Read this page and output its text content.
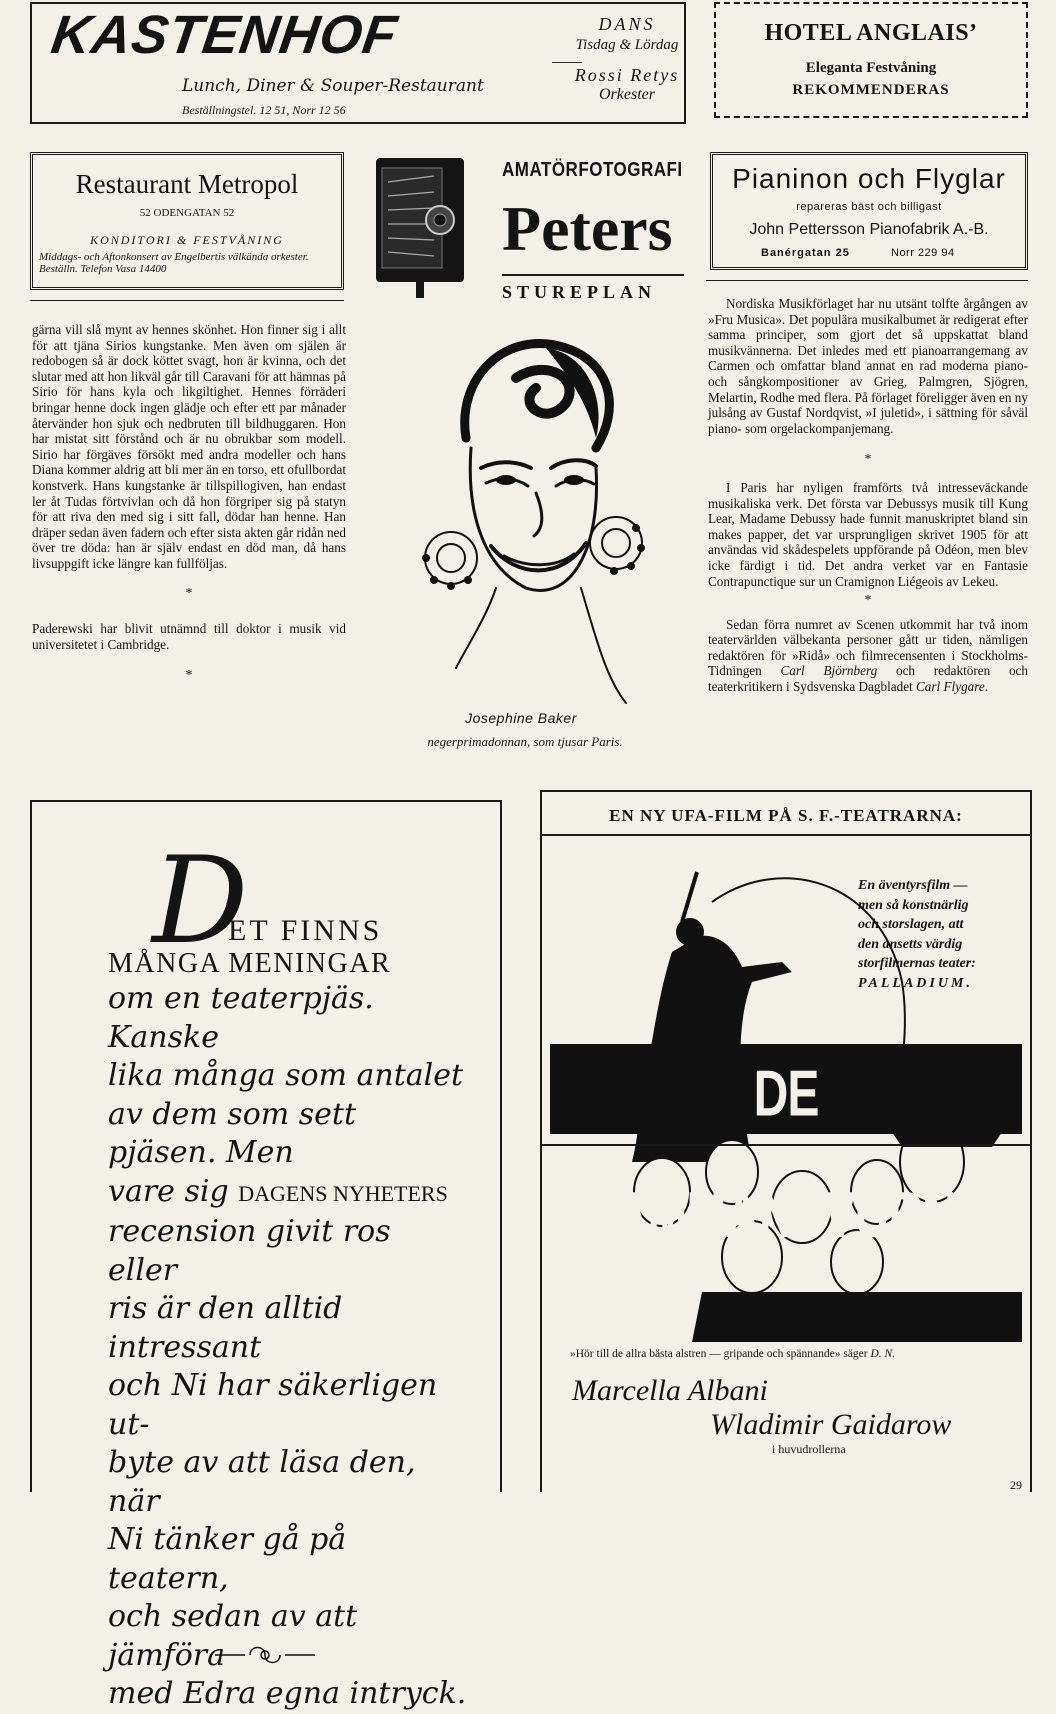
KASTENHOF
Lunch, Diner & Souper-Restaurant
Beställningstel. 12 51, Norr 12 56
DANS
Tisdag & Lördag
Rossi Retys
Orkester
HOTEL ANGLAIS’
Eleganta Festvåning
REKOMMENDERAS
Restaurant Metropol
52 ODENGATAN 52
KONDITORI & FESTVÅNING
Middags- och Aftonkonsert av Engelbertis välkända orkester. Beställn. Telefon Vasa 14400
AMATÖRFOTOGRAFI
Peters
STUREPLAN
Pianinon och Flyglar
repareras bäst och billigast
John Pettersson Pianofabrik A.-B.
Banérgatan 25	Norr 229 94

gärna vill slå mynt av hennes skönhet. Hon finner sig i allt för att tjäna Sirios kungstanke. Men även om själen är redobogen så är dock köttet svagt, hon är kvinna, och det slutar med att hon likväl går till Caravani för att hämnas på Sirio för hans kyla och likgiltighet. Hennes förräderi bringar henne dock ingen glädje och efter ett par månader återvänder hon sjuk och nedbruten till bildhuggaren. Hon har mistat sitt förstånd och är nu obrukbar som modell. Sirio har förgäves försökt med andra modeller och hans Diana kommer aldrig att bli mer än en torso, ett ofullbordat konstverk. Hans kungstanke är tillspillogiven, han endast ler åt Tudas förtvivlan och då hon förgriper sig på statyn för att riva den med sig i sitt fall, dödar han henne. Han dräper sedan även fadern och efter sista akten går ridån ned över tre döda: han är själv endast en död man, då hans livsuppgift icke längre kan fullföljas.

*

Paderewski har blivit utnämnd till doktor i musik vid universitetet i Cambridge.

*
Josephine Baker
negerprimadonnan, som tjusar Paris.

Nordiska Musikförlaget har nu utsänt tolfte årgången av »Fru Musica». Det populära musikalbumet är redigerat efter samma principer, som gjort det så uppskattat bland musikvännerna. Det inledes med ett pianoarrangemang av Carmen och omfattar bland annat en rad moderna piano- och sångkompositioner av Grieg, Palmgren, Sjögren, Melartin, Rodhe med flera. På förlaget föreligger även en ny julsång av Gustaf Nordqvist, »I juletid», i sättning för såväl piano- som orgelackompanjemang.

*

I Paris har nyligen framförts två intressevāckande musikaliska verk. Det första var Debussys musik till Kung Lear, Madame Debussy hade funnit manuskriptet bland sin makes papper, det var ursprungligen skrivet 1905 för att användas vid skådespelets uppförande på Odéon, men blev icke färdigt i tid. Det andra verket var en Fantasie Contrapunctique sur un Cramignon Liégeois av Lekeu.

*

Sedan förra numret av Scenen utkommit har två inom teatervärlden välbekanta personer gått ur tiden, nämligen redaktören för »Ridå» och filmrecensenten i Stockholms-Tidningen Carl Björnberg och redaktören och teaterkritikern i Sydsvenska Dagbladet Carl Flygare.

D
ET FINNS
MÅNGA MENINGAR
om en teaterpjäs. Kanske
lika många som antalet
av dem som sett pjäsen. Men
vare sig DAGENS NYHETERS
recension givit ros eller
ris är den alltid intressant
och Ni har säkerligen ut-
byte av att läsa den, när
Ni tänker gå på teatern,
och sedan av att jämföra
med Edra egna intryck.
EN NY UFA-FILM PÅ S. F.-TEATRARNA:
En äventyrsfilm —
men så konstnärlig
och storslagen, att
den ansetts värdig
storfilmernas teater:
PALLADIUM.
DE SAMMANSVURNA
»Hör till de allra bästa alstren — gripande och spännande» säger D. N.
Marcella Albani
Wladimir Gaidarow
i huvudrollerna
29
